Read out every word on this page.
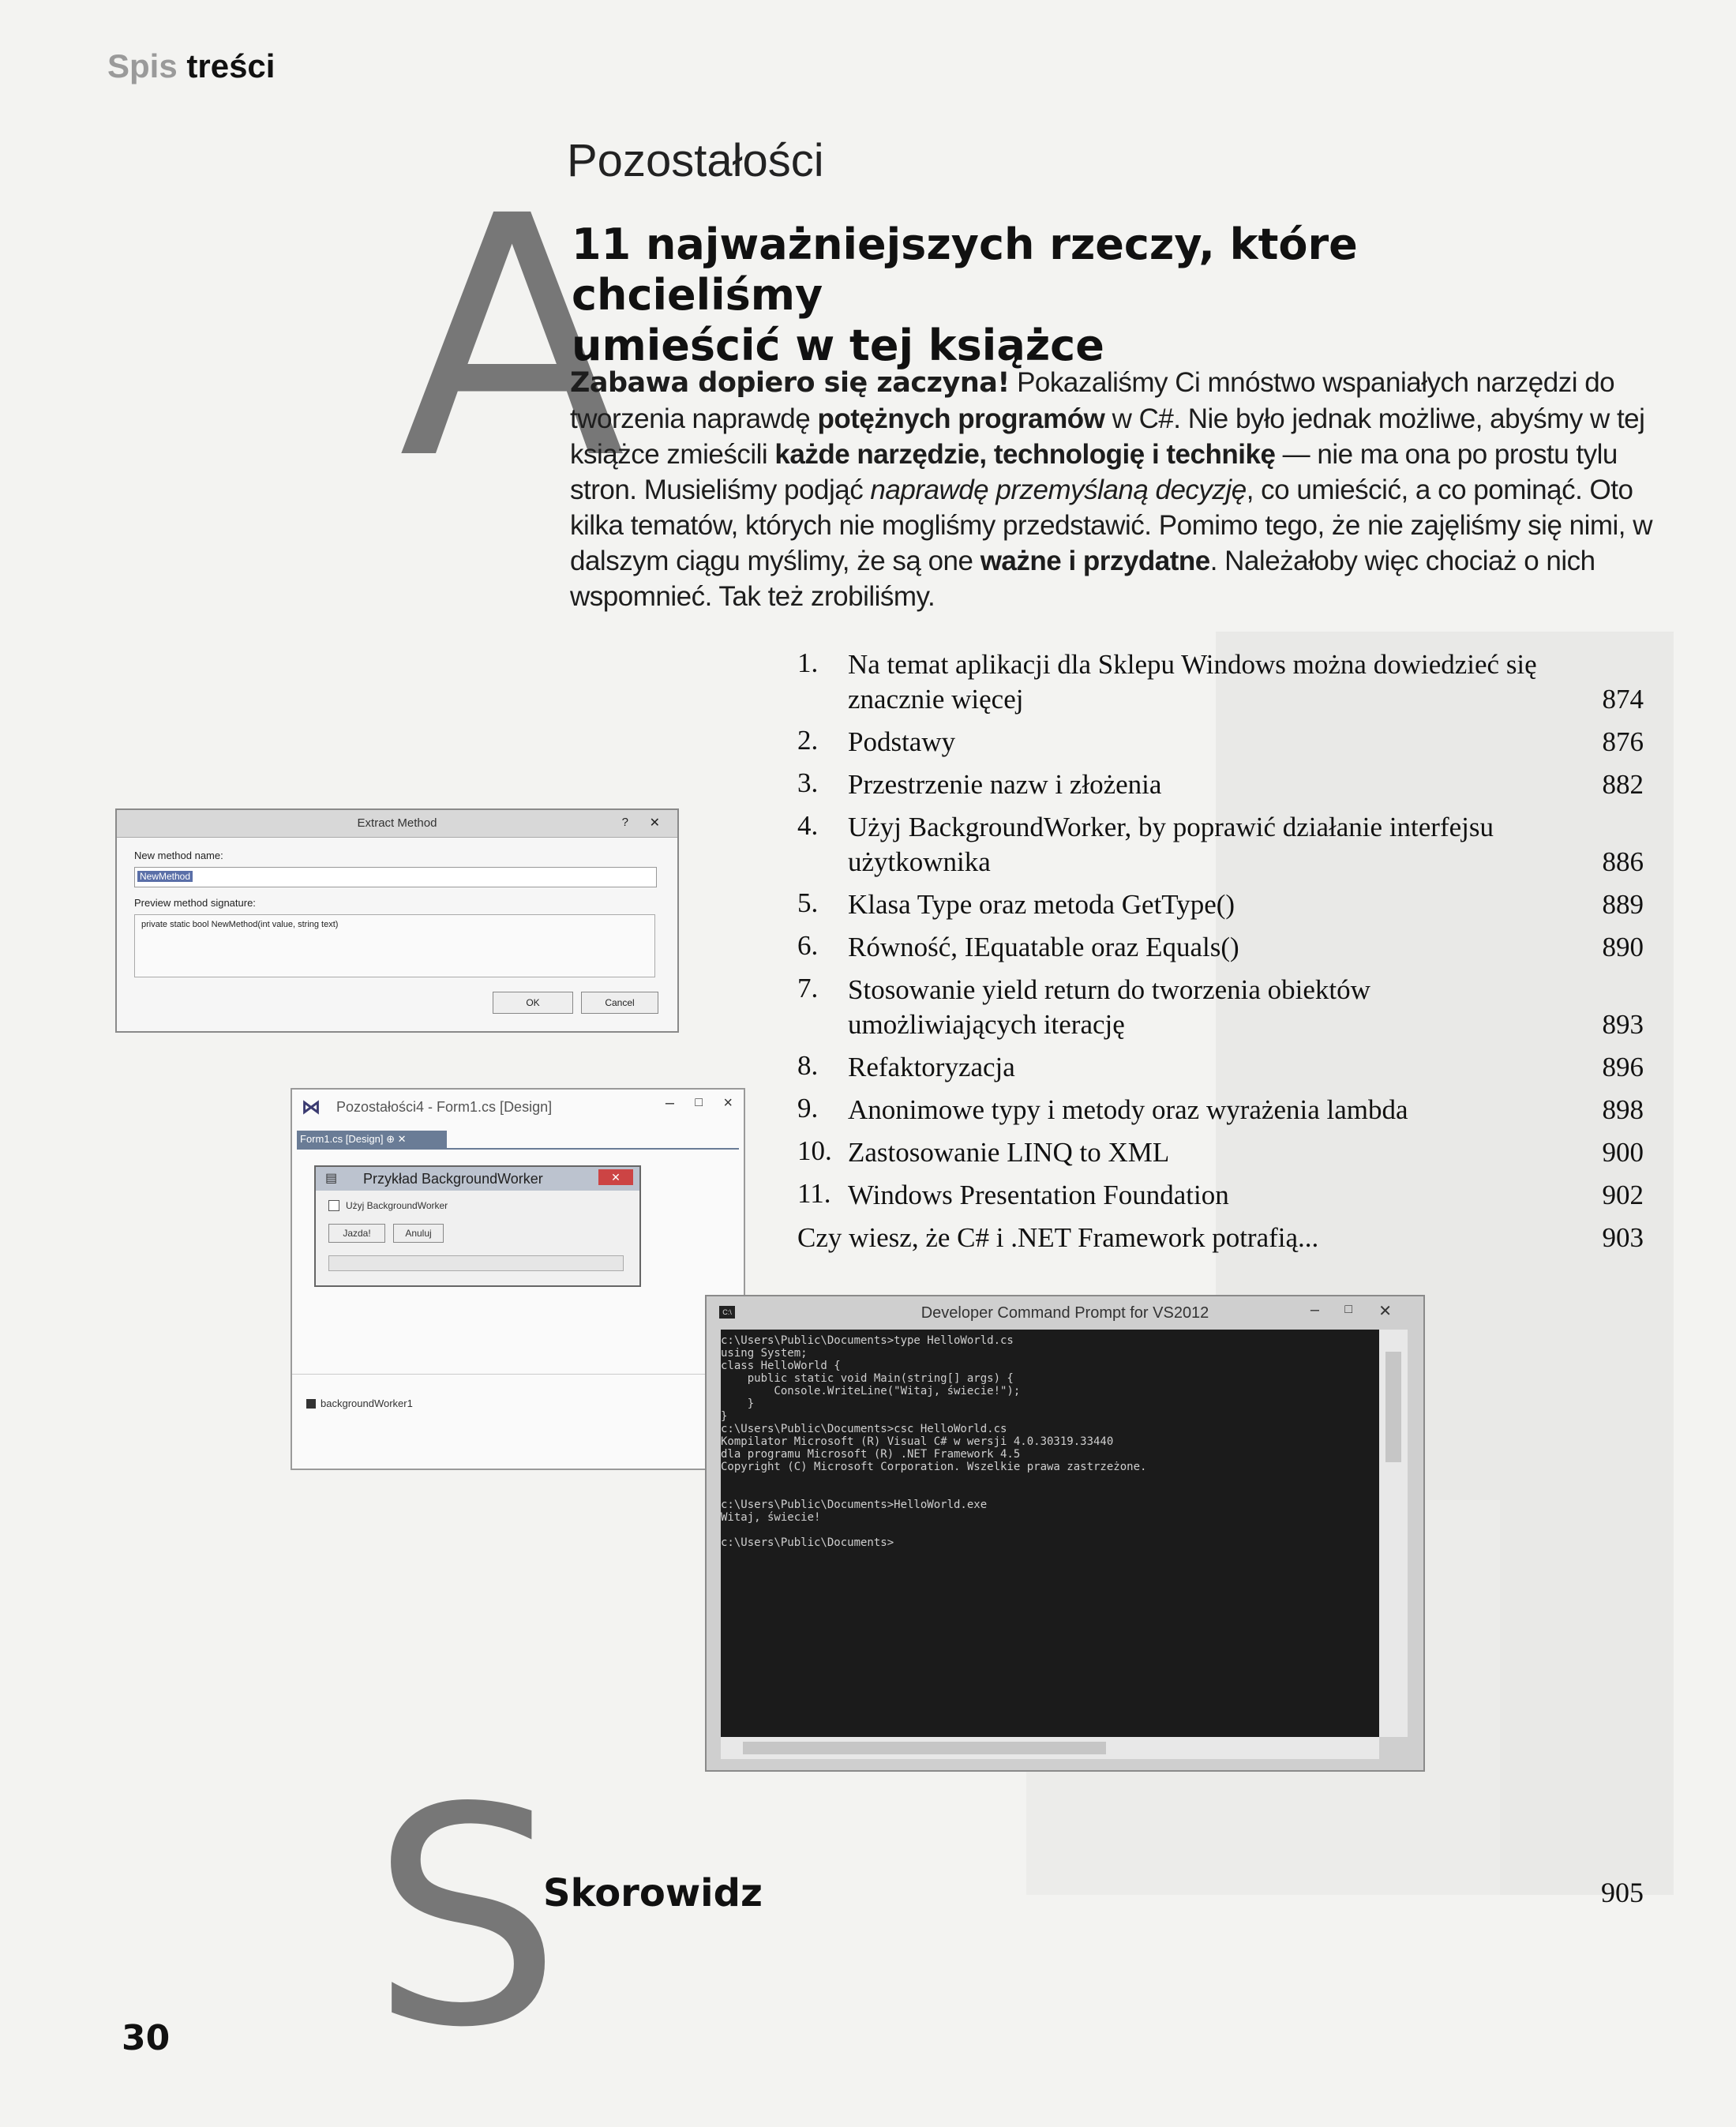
Spis treści
A
Pozostałości
11 najważniejszych rzeczy, które chcieliśmy
umieścić w tej książce
Zabawa dopiero się zaczyna! Pokazaliśmy Ci mnóstwo wspaniałych narzędzi do tworzenia naprawdę potężnych programów w C#. Nie było jednak możliwe, abyśmy w tej książce zmieścili każde narzędzie, technologię i technikę — nie ma ona po prostu tylu stron. Musieliśmy podjąć naprawdę przemyślaną decyzję, co umieścić, a co pominąć. Oto kilka tematów, których nie mogliśmy przedstawić. Pomimo tego, że nie zajęliśmy się nimi, w dalszym ciągu myślimy, że są one ważne i przydatne. Należałoby więc chociaż o nich wspomnieć. Tak też zrobiliśmy.
1.	Na temat aplikacji dla Sklepu Windows można dowiedzieć się znacznie więcej	874
2.	Podstawy	876
3.	Przestrzenie nazw i złożenia	882
4.	Użyj BackgroundWorker, by poprawić działanie interfejsu użytkownika	886
5.	Klasa Type oraz metoda GetType()	889
6.	Równość, IEquatable oraz Equals()	890
7.	Stosowanie yield return do tworzenia obiektów umożliwiających iterację	893
8.	Refaktoryzacja	896
9.	Anonimowe typy i metody oraz wyrażenia lambda	898
10. Zastosowanie LINQ to XML	900
11. Windows Presentation Foundation	902
Czy wiesz, że C# i .NET Framework potrafią...	903
Extract Method	? ✕
New method name:
NewMethod
Preview method signature:
private static bool NewMethod(int value, string text)
OK	Cancel
⋈ Pozostałości4 - Form1.cs [Design]	– □ ×
Form1.cs [Design] ⊕ ✕
▤ Przykład BackgroundWorker	✕
Użyj BackgroundWorker
Jazda!	Anuluj
backgroundWorker1
C:\	Developer Command Prompt for VS2012	– □ ✕
c:\Users\Public\Documents>type HelloWorld.cs
using System;
class HelloWorld {
public static void Main(string[] args) {
Console.WriteLine("Witaj, świecie!");
}
}
c:\Users\Public\Documents>csc HelloWorld.cs
Kompilator Microsoft (R) Visual C# w wersji 4.0.30319.33440
dla programu Microsoft (R) .NET Framework 4.5
Copyright (C) Microsoft Corporation. Wszelkie prawa zastrzeżone.

c:\Users\Public\Documents>HelloWorld.exe
Witaj, świecie!

c:\Users\Public\Documents>
S
Skorowidz	905
30
